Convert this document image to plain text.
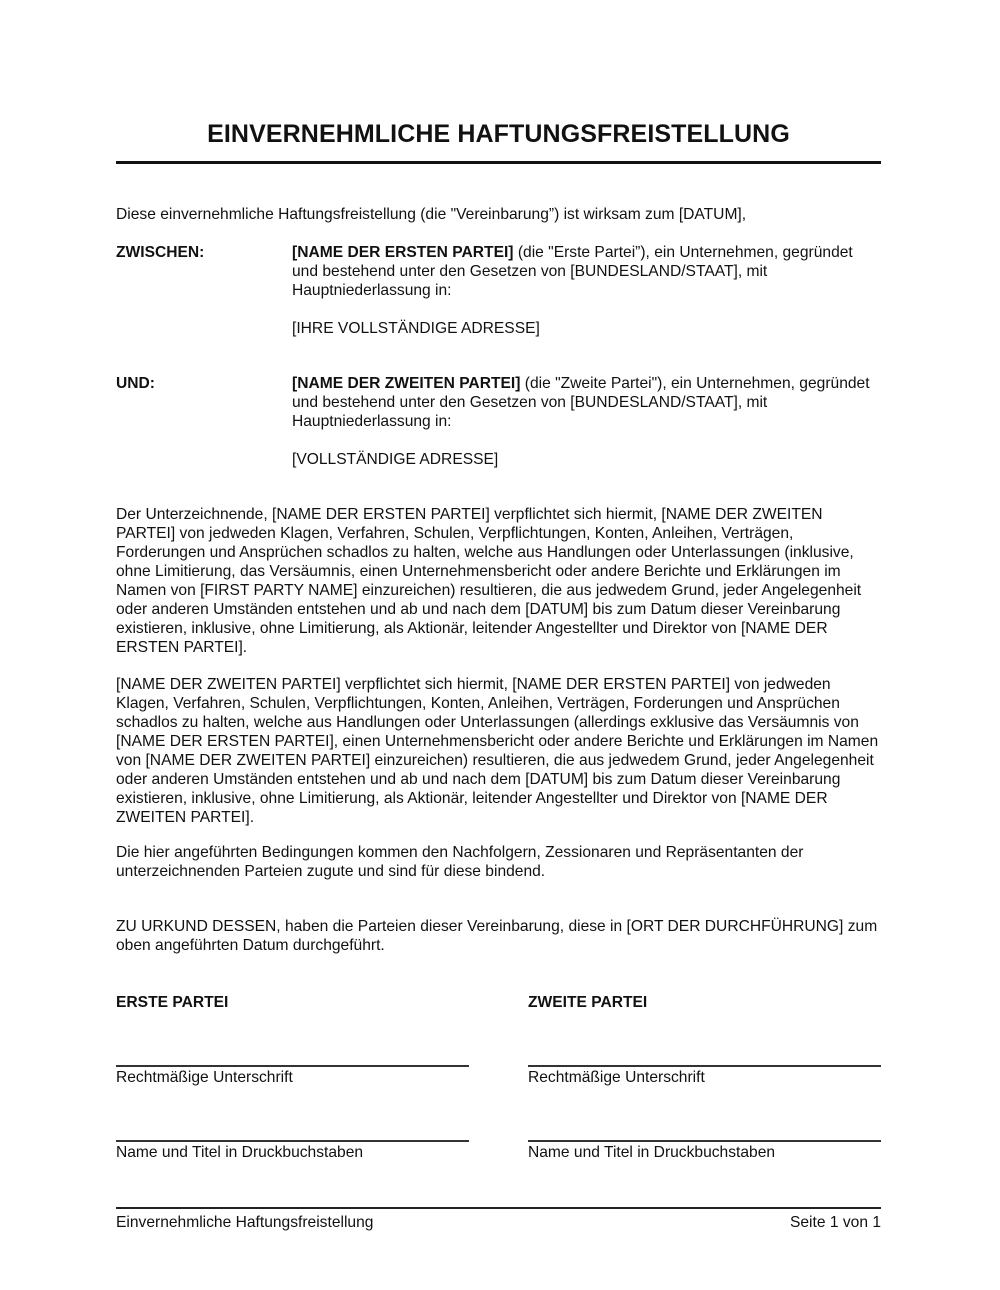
EINVERNEHMLICHE HAFTUNGSFREISTELLUNG

Diese einvernehmliche Haftungsfreistellung (die "Vereinbarung”) ist wirksam zum [DATUM],

ZWISCHEN:	[NAME DER ERSTEN PARTEI] (die "Erste Partei”), ein Unternehmen, gegründet und bestehend unter den Gesetzen von [BUNDESLAND/STAAT], mit Hauptniederlassung in:

[IHRE VOLLSTÄNDIGE ADRESSE]

UND:	[NAME DER ZWEITEN PARTEI] (die "Zweite Partei"), ein Unternehmen, gegründet und bestehend unter den Gesetzen von [BUNDESLAND/STAAT], mit Hauptniederlassung in:

[VOLLSTÄNDIGE ADRESSE]

Der Unterzeichnende, [NAME DER ERSTEN PARTEI] verpflichtet sich hiermit, [NAME DER ZWEITEN PARTEI] von jedweden Klagen, Verfahren, Schulen, Verpflichtungen, Konten, Anleihen, Verträgen, Forderungen und Ansprüchen schadlos zu halten, welche aus Handlungen oder Unterlassungen (inklusive, ohne Limitierung, das Versäumnis, einen Unternehmensbericht oder andere Berichte und Erklärungen im Namen von [FIRST PARTY NAME] einzureichen) resultieren, die aus jedwedem Grund, jeder Angelegenheit oder anderen Umständen entstehen und ab und nach dem [DATUM] bis zum Datum dieser Vereinbarung existieren, inklusive, ohne Limitierung, als Aktionär, leitender Angestellter und Direktor von [NAME DER ERSTEN PARTEI].

[NAME DER ZWEITEN PARTEI] verpflichtet sich hiermit, [NAME DER ERSTEN PARTEI] von jedweden Klagen, Verfahren, Schulen, Verpflichtungen, Konten, Anleihen, Verträgen, Forderungen und Ansprüchen schadlos zu halten, welche aus Handlungen oder Unterlassungen (allerdings exklusive das Versäumnis von [NAME DER ERSTEN PARTEI], einen Unternehmensbericht oder andere Berichte und Erklärungen im Namen von [NAME DER ZWEITEN PARTEI] einzureichen) resultieren, die aus jedwedem Grund, jeder Angelegenheit oder anderen Umständen entstehen und ab und nach dem [DATUM] bis zum Datum dieser Vereinbarung existieren, inklusive, ohne Limitierung, als Aktionär, leitender Angestellter und Direktor von [NAME DER ZWEITEN PARTEI].

Die hier angeführten Bedingungen kommen den Nachfolgern, Zessionaren und Repräsentanten der unterzeichnenden Parteien zugute und sind für diese bindend.

ZU URKUND DESSEN, haben die Parteien dieser Vereinbarung, diese in [ORT DER DURCHFÜHRUNG] zum oben angeführten Datum durchgeführt.

ERSTE PARTEI

Rechtmäßige Unterschrift

Name und Titel in Druckbuchstaben

ZWEITE PARTEI

Rechtmäßige Unterschrift

Name und Titel in Druckbuchstaben

Einvernehmliche Haftungsfreistellung	Seite 1 von 1
